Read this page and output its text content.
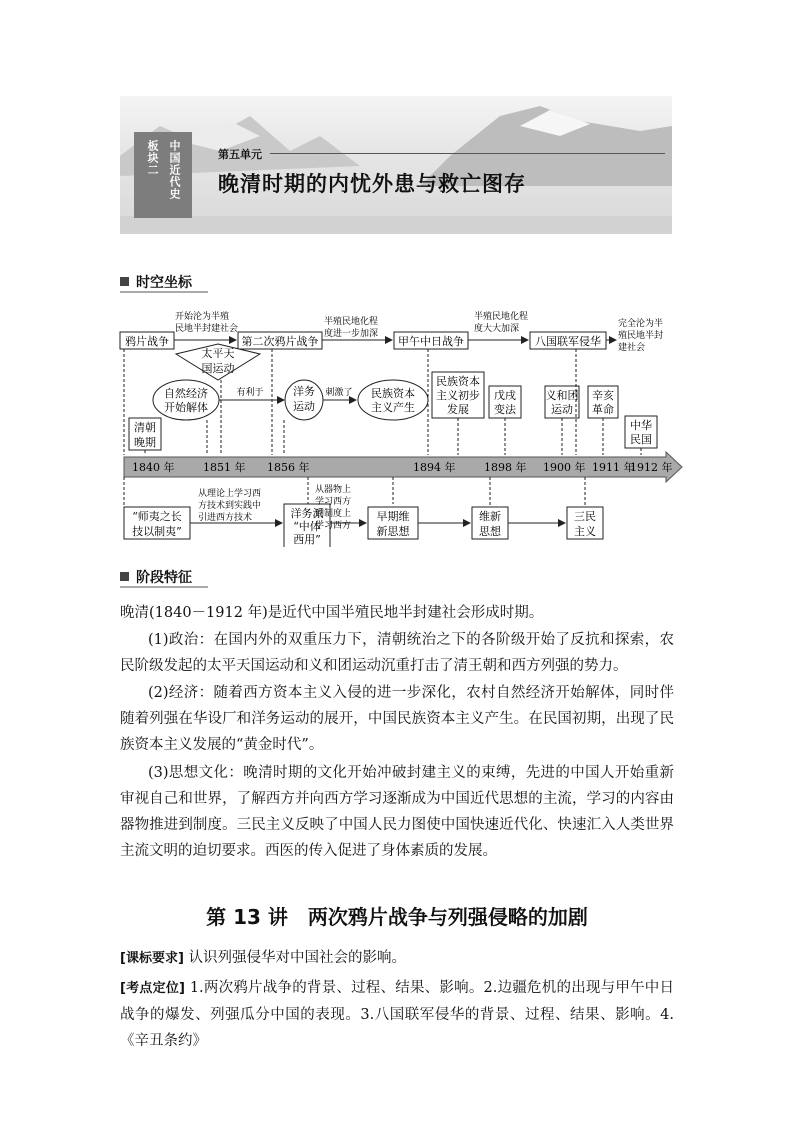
板块二 中国近代史	第五单元
晚清时期的内忧外患与救亡图存
时空坐标
鸦片战争	第二次鸦片战争	甲午中日战争	八国联军侵华
开始沦为半殖
民地半封建社会
半殖民地化程
度进一步加深
半殖民地化程
度大大加深	完全沦为半
殖民地半封
建社会
太平天
国运动
自然经济
开始解体
有利于	洋务
运动
刺激了 民族资本
主义产生
清朝
晚期
民族资本
主义初步
发展
戊戌
变法
义和团
运动
辛亥
革命
中华
民国
1840 年	1851 年 1856 年	1894 年	1898 年 1900 年 1911 年
1912 年
“师夷之长
技以制夷”
从理论上学习西
方技术到实践中
引进西方技术	洋务派
“中体
西用”
从器物上
学习西方
到制度上
学习西方
早期维
新思想
维新
思想
三民
主义
阶段特征
晚清(1840－1912 年)是近代中国半殖民地半封建社会形成时期。
(1)政治：在国内外的双重压力下，清朝统治之下的各阶级开始了反抗和探索，农民阶级发起的太平天国运动和义和团运动沉重打击了清王朝和西方列强的势力。
(2)经济：随着西方资本主义入侵的进一步深化，农村自然经济开始解体，同时伴随着列强在华设厂和洋务运动的展开，中国民族资本主义产生。在民国初期，出现了民族资本主义发展的“黄金时代”。
(3)思想文化：晚清时期的文化开始冲破封建主义的束缚，先进的中国人开始重新审视自己和世界，了解西方并向西方学习逐渐成为中国近代思想的主流，学习的内容由器物推进到制度。三民主义反映了中国人民力图使中国快速近代化、快速汇入人类世界主流文明的迫切要求。西医的传入促进了身体素质的发展。
第 13 讲　两次鸦片战争与列强侵略的加剧
[课标要求] 认识列强侵华对中国社会的影响。
[考点定位] 1.两次鸦片战争的背景、过程、结果、影响。2.边疆危机的出现与甲午中日战争的爆发、列强瓜分中国的表现。3.八国联军侵华的背景、过程、结果、影响。4.《辛丑条约》
